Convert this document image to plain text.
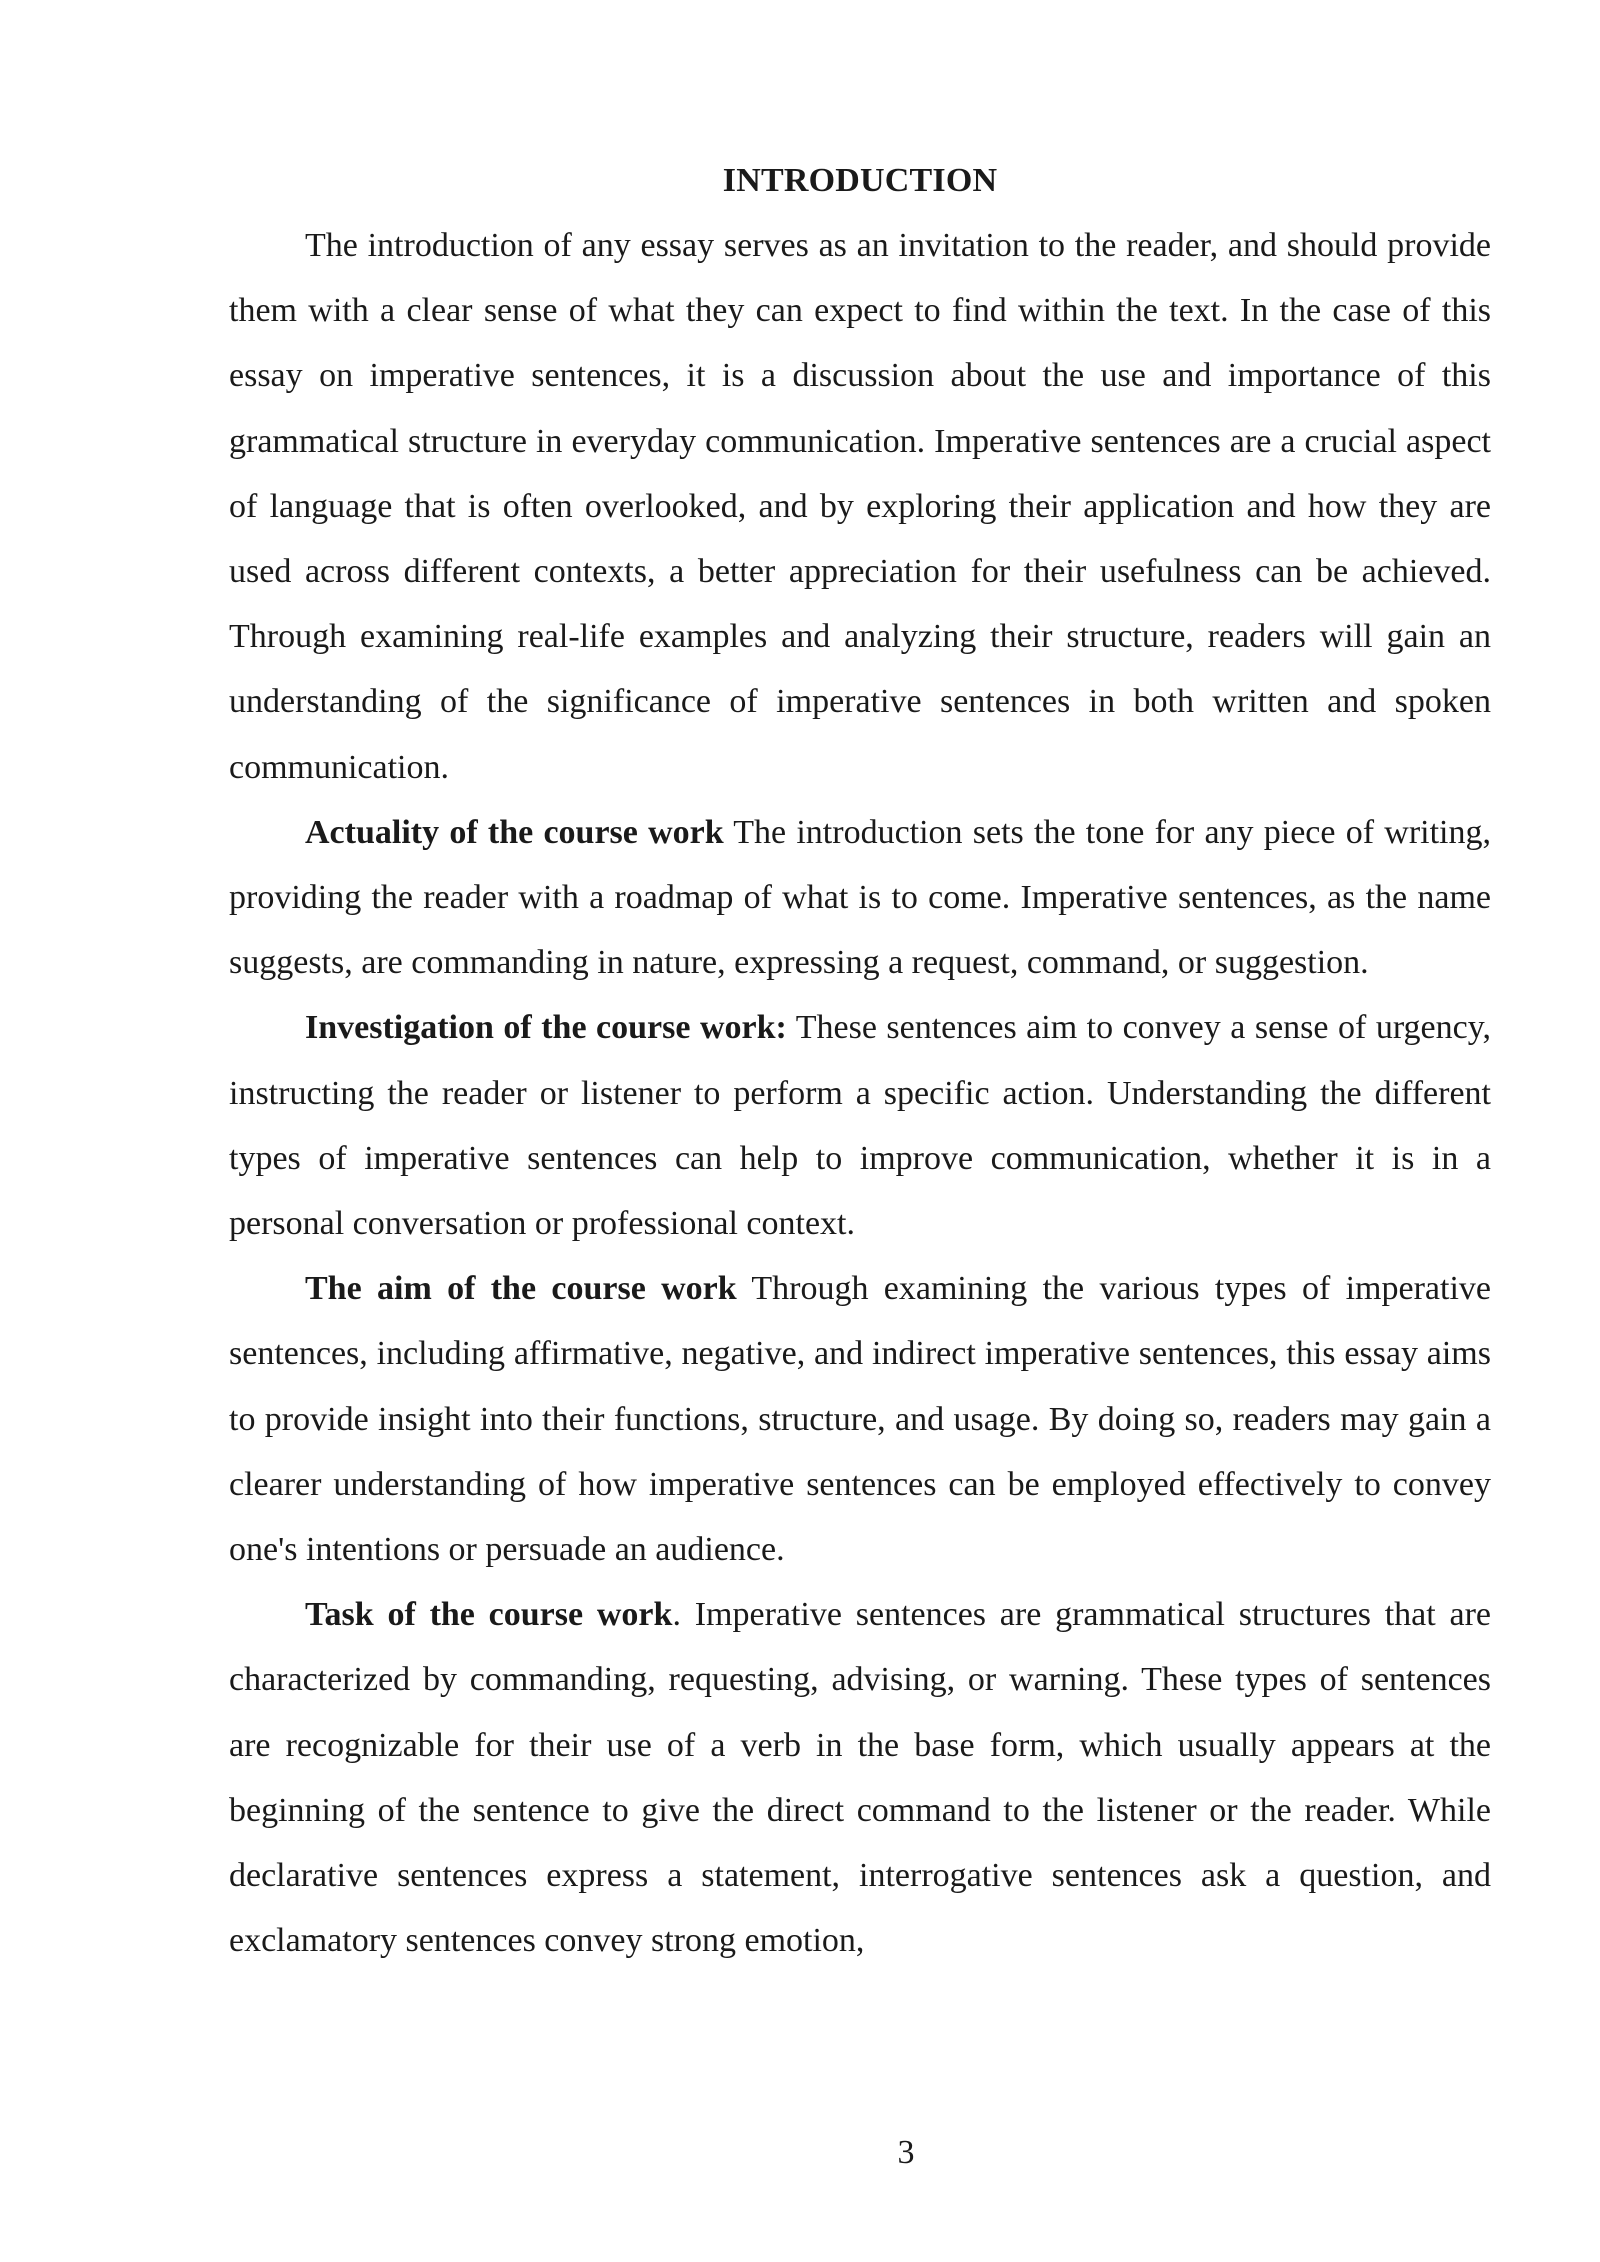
INTRODUCTION

The introduction of any essay serves as an invitation to the reader, and should provide them with a clear sense of what they can expect to find within the text. In the case of this essay on imperative sentences, it is a discussion about the use and importance of this grammatical structure in everyday communication. Imperative sentences are a crucial aspect of language that is often overlooked, and by exploring their application and how they are used across different contexts, a better appreciation for their usefulness can be achieved. Through examining real-life examples and analyzing their structure, readers will gain an understanding of the significance of imperative sentences in both written and spoken communication.

Actuality of the course work The introduction sets the tone for any piece of writing, providing the reader with a roadmap of what is to come. Imperative sentences, as the name suggests, are commanding in nature, expressing a request, command, or suggestion.

Investigation of the course work: These sentences aim to convey a sense of urgency, instructing the reader or listener to perform a specific action. Understanding the different types of imperative sentences can help to improve communication, whether it is in a personal conversation or professional context.

The aim of the course work Through examining the various types of imperative sentences, including affirmative, negative, and indirect imperative sentences, this essay aims to provide insight into their functions, structure, and usage. By doing so, readers may gain a clearer understanding of how imperative sentences can be employed effectively to convey one's intentions or persuade an audience.

Task of the course work. Imperative sentences are grammatical structures that are characterized by commanding, requesting, advising, or warning. These types of sentences are recognizable for their use of a verb in the base form, which usually appears at the beginning of the sentence to give the direct command to the listener or the reader. While declarative sentences express a statement, interrogative sentences ask a question, and exclamatory sentences convey strong emotion,

3
